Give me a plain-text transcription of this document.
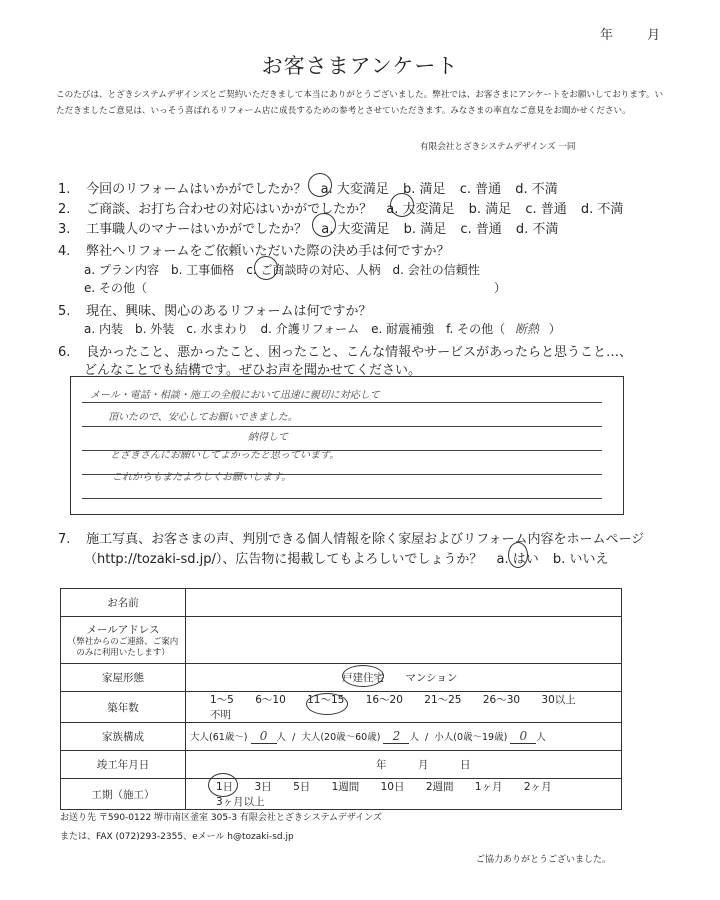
年	月
お客さまアンケート
このたびは、とざきシステムデザインズとご契約いただきまして本当にありがとうございました。弊社では、お客さまにアンケートをお願いしております。いただきましたご意見は、いっそう喜ばれるリフォーム店に成長するための参考とさせていただきます。みなさまの率直なご意見をお聞かせください。
有限会社とざきシステムデザインズ 一同
1. 今回のリフォームはいかがでしたか？ a. 大変満足 b. 満足 c. 普通 d. 不満
2. ご商談、お打ち合わせの対応はいかがでしたか？ a. 大変満足 b. 満足 c. 普通 d. 不満
3. 工事職人のマナーはいかがでしたか？ a. 大変満足 b. 満足 c. 普通 d. 不満
4. 弊社へリフォームをご依頼いただいた際の決め手は何ですか？
a. プラン内容　b. 工事価格　c. ご商談時の対応、人柄　d. 会社の信頼性
e. その他（	）
5. 現在、興味、関心のあるリフォームは何ですか？
a. 内装　b. 外装　c. 水まわり　d. 介護リフォーム　e. 耐震補強　f. その他（ 断熱 ）
6. 良かったこと、悪かったこと、困ったこと、こんな情報やサービスがあったらと思うこと…、
どんなことでも結構です。ぜひお声を聞かせてください。
メール・電話・相談・施工の全般において迅速に親切に対応して
頂いたので、安心してお願いできました。
納得して
とざきさんにお願いしてよかったと思っています。
これからもまたよろしくお願いします。
7. 施工写真、お客さまの声、判別できる個人情報を除く家屋およびリフォーム内容をホームページ
（http://tozaki-sd.jp/）、広告物に掲載してもよろしいでしょうか？ a. はい b. いいえ
お名前	

メールアドレス
（弊社からのご連絡、ご案内のみに利用いたします）	

家屋形態	戸建住宅 マンション
築年数	1～5 6～10 11～15 16～20 21～25 26～30 30以上 不明
家族構成	大人(61歳～) 0 人  /  大人(20歳～60歳) 2 人  /  小人(0歳～19歳) 0 人
竣工年月日	年　　　月　　　日
工期（施工）	1日 3日 5日 1週間 10日 2週間 1ヶ月 2ヶ月 3ヶ月以上
お送り先 〒590-0122 堺市南区釜室 305-3 有限会社とざきシステムデザインズ
または、FAX (072)293-2355、eメール h@tozaki-sd.jp
ご協力ありがとうございました。
